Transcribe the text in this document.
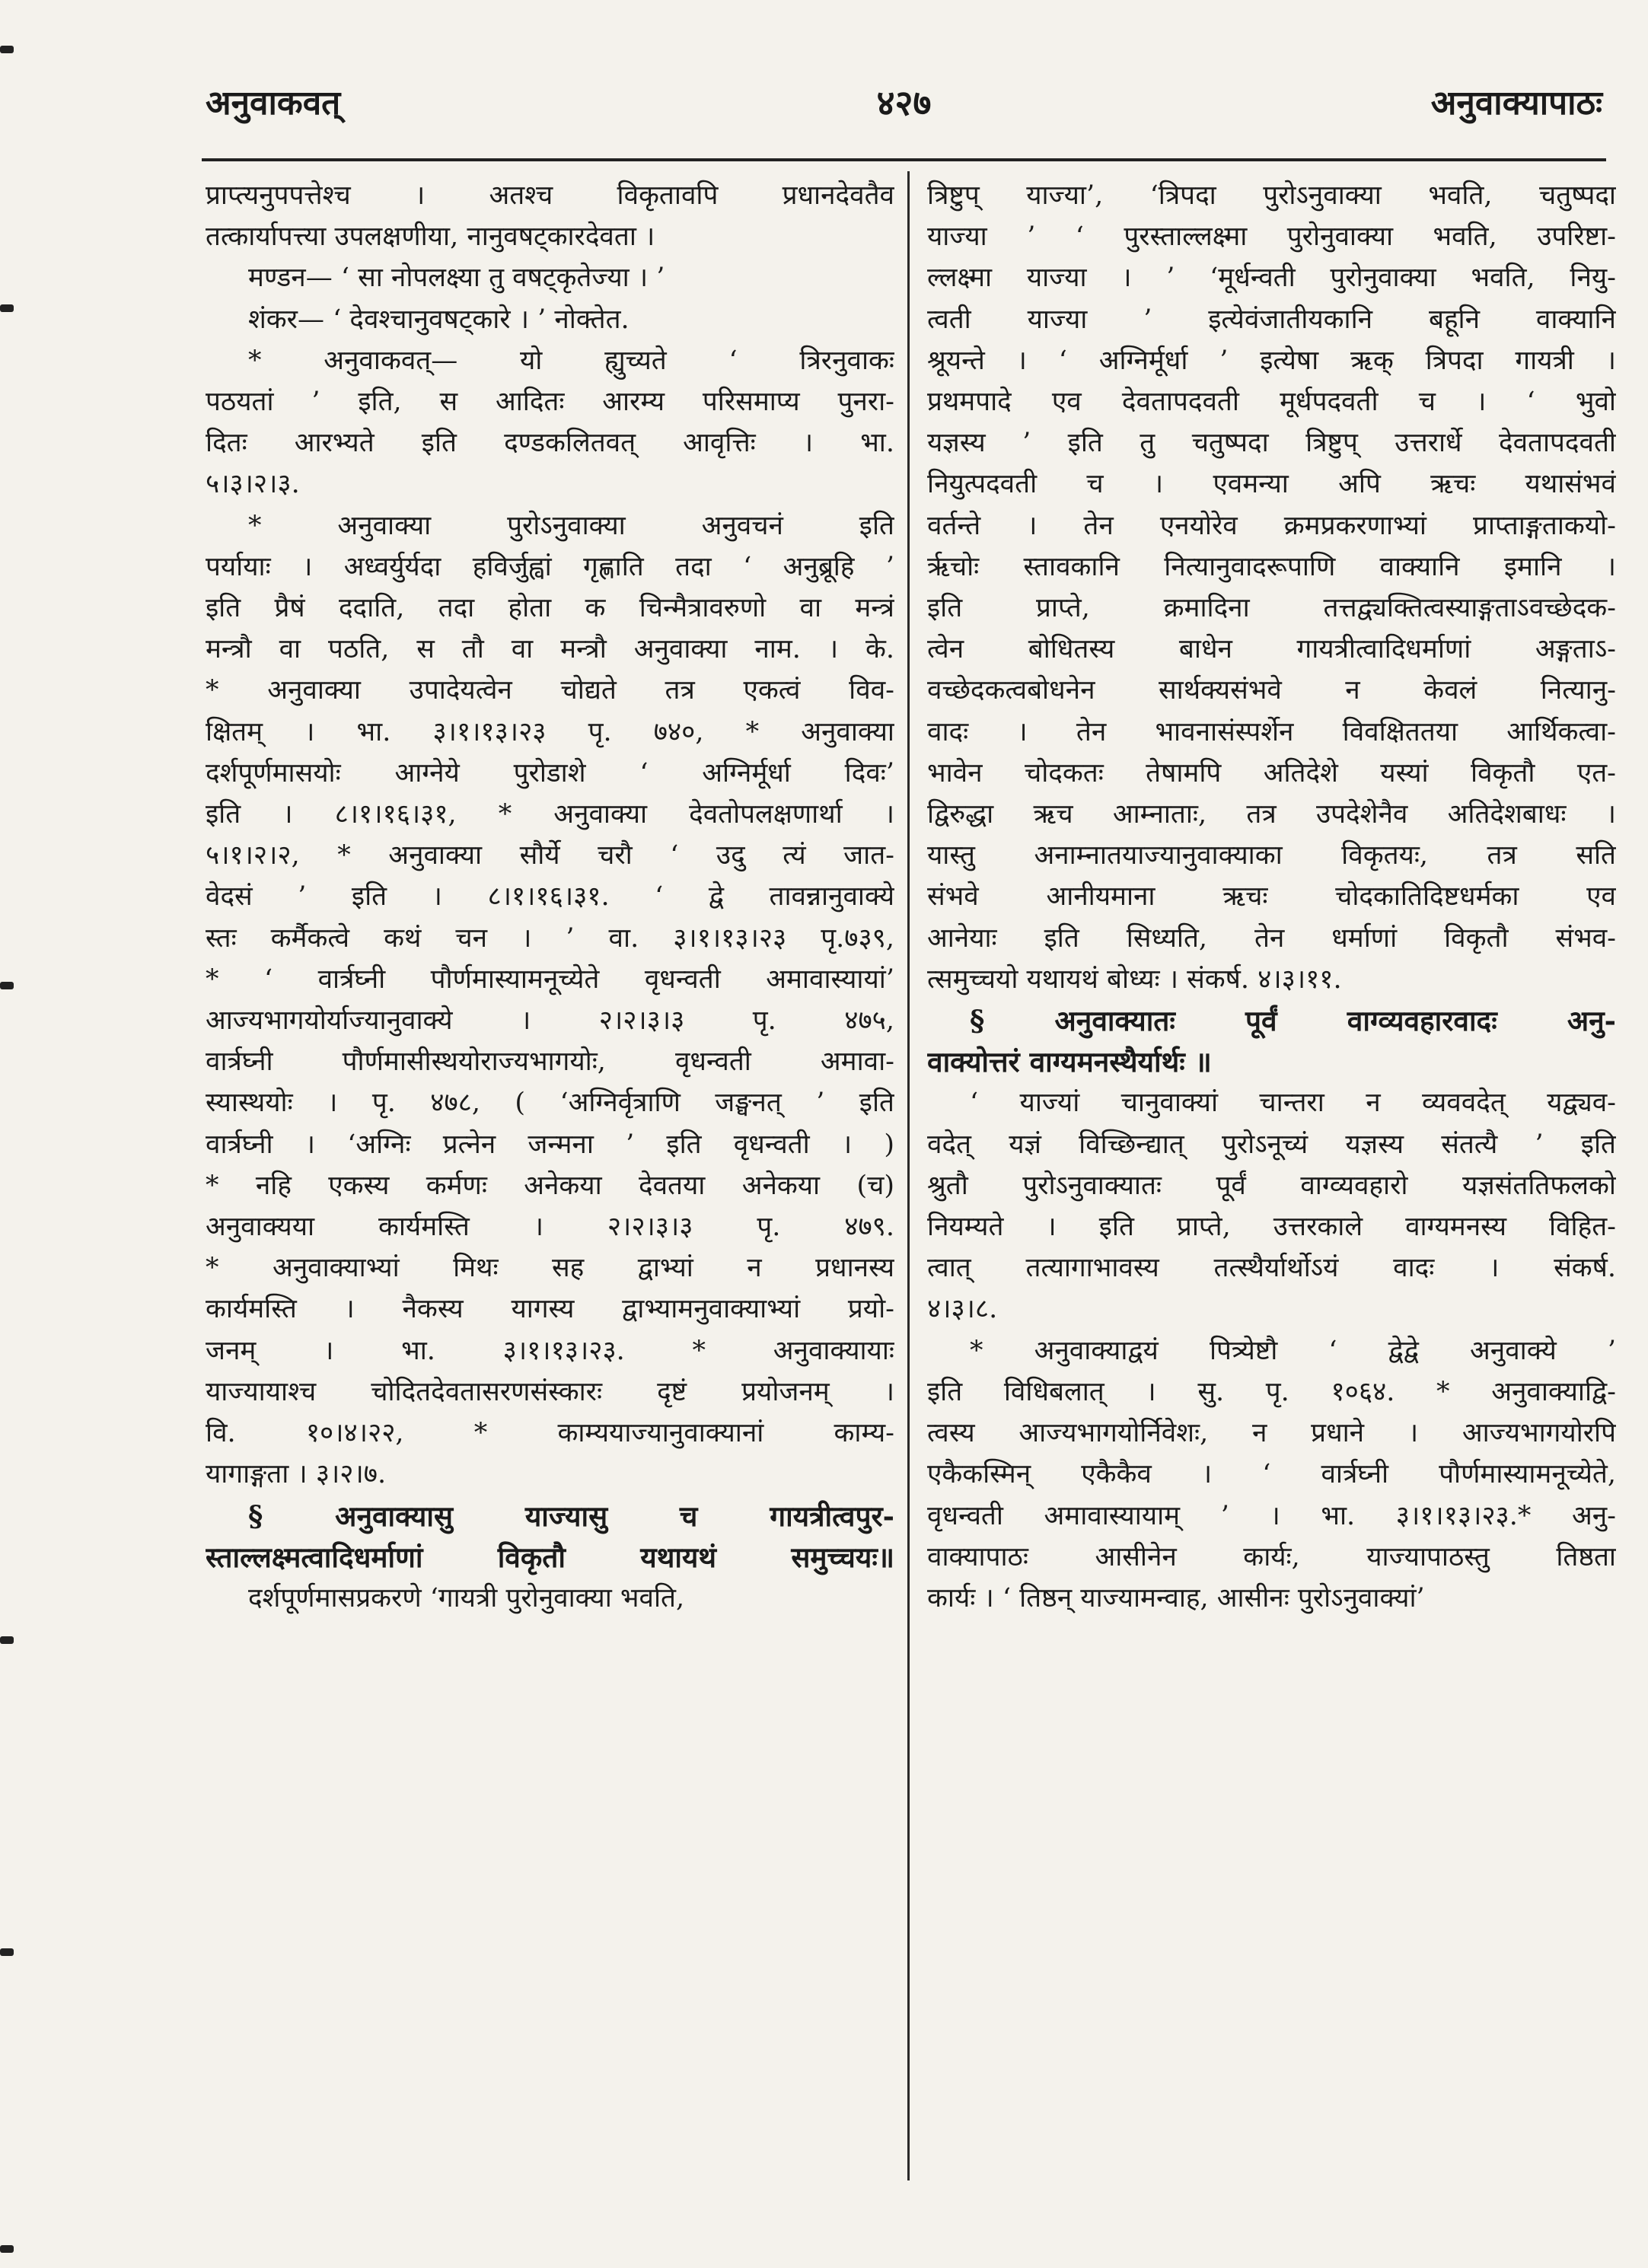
अनुवाकवत्	४२७	अनुवाक्यापाठः
प्राप्त्यनुपपत्तेश्च । अतश्च विकृतावपि प्रधानदेवतैव
तत्कार्यापत्त्या उपलक्षणीया, नानुवषट्कारदेवता ।
मण्डन— ‘ सा नोपलक्ष्या तु वषट्कृतेज्या । ’
शंकर— ‘ देवश्चानुवषट्कारे । ’ नोक्तेत.
* अनुवाकवत्— यो ह्युच्यते ‘ त्रिरनुवाकः
पठयतां ’ इति, स आदितः आरम्य परिसमाप्य पुनरा-
दितः आरभ्यते इति दण्डकलितवत् आवृत्तिः । भा.
५।३।२।३.
* अनुवाक्या पुरोऽनुवाक्या अनुवचनं इति
पर्यायाः । अध्वर्युर्यदा हविर्जुह्वां गृह्णाति तदा ‘ अनुब्रूहि ’
इति प्रैषं ददाति, तदा होता क चिन्मैत्रावरुणो वा मन्त्रं
मन्त्रौ वा पठति, स तौ वा मन्त्रौ अनुवाक्या नाम. । के.
* अनुवाक्या उपादेयत्वेन चोद्यते तत्र एकत्वं विव-
क्षितम् । भा. ३।१।१३।२३ पृ. ७४०, * अनुवाक्या
दर्शपूर्णमासयोः आग्नेये पुरोडाशे ‘ अग्निर्मूर्धा दिवः’
इति । ८।१।१६।३१, * अनुवाक्या देवतोपलक्षणार्था ।
५।१।२।२, * अनुवाक्या सौर्ये चरौ ‘ उदु त्यं जात-
वेदसं ’ इति । ८।१।१६।३१. ‘ द्वे तावन्नानुवाक्ये
स्तः कर्मैकत्वे कथं चन । ’ वा. ३।१।१३।२३ पृ.७३९,
* ‘ वार्त्रघ्नी पौर्णमास्यामनूच्येते वृधन्वती अमावास्यायां’
आज्यभागयोर्याज्यानुवाक्ये । २।२।३।३ पृ. ४७५,
वार्त्रघ्नी पौर्णमासीस्थयोराज्यभागयोः, वृधन्वती अमावा-
स्यास्थयोः । पृ. ४७८, ( ‘अग्निर्वृत्राणि जङ्घनत् ’ इति
वार्त्रघ्नी । ‘अग्निः प्रत्नेन जन्मना ’ इति वृधन्वती । )
* नहि एकस्य कर्मणः अनेकया देवतया अनेकया (च)
अनुवाक्यया कार्यमस्ति । २।२।३।३ पृ. ४७९.
* अनुवाक्याभ्यां मिथः सह द्वाभ्यां न प्रधानस्य
कार्यमस्ति । नैकस्य यागस्य द्वाभ्यामनुवाक्याभ्यां प्रयो-
जनम् । भा. ३।१।१३।२३. * अनुवाक्यायाः
याज्यायाश्च चोदितदेवतासरणसंस्कारः दृष्टं प्रयोजनम् ।
वि. १०।४।२२, * काम्ययाज्यानुवाक्यानां काम्य-
यागाङ्गता । ३।२।७.
§ अनुवाक्यासु याज्यासु च गायत्रीत्वपुर-
स्ताल्लक्ष्मत्वादिधर्माणां विकृतौ यथायथं समुच्चयः॥
दर्शपूर्णमासप्रकरणे ‘गायत्री पुरोनुवाक्या भवति,
त्रिष्टुप् याज्या’, ‘त्रिपदा पुरोऽनुवाक्या भवति, चतुष्पदा
याज्या ’ ‘ पुरस्ताल्लक्ष्मा पुरोनुवाक्या भवति, उपरिष्टा-
ल्लक्ष्मा याज्या । ’ ‘मूर्धन्वती पुरोनुवाक्या भवति, नियु-
त्वती याज्या ’ इत्येवंजातीयकानि बहूनि वाक्यानि
श्रूयन्ते । ‘ अग्निर्मूर्धा ’ इत्येषा ऋक् त्रिपदा गायत्री ।
प्रथमपादे एव देवतापदवती मूर्धपदवती च । ‘ भुवो
यज्ञस्य ’ इति तु चतुष्पदा त्रिष्टुप् उत्तरार्धे देवतापदवती
नियुत्पदवती च । एवमन्या अपि ऋचः यथासंभवं
वर्तन्ते । तेन एनयोरेव क्रमप्रकरणाभ्यां प्राप्ताङ्गताकयो-
र्ऋचोः स्तावकानि नित्यानुवादरूपाणि वाक्यानि इमानि ।
इति प्राप्ते, क्रमादिना तत्तद्व्यक्तित्वस्याङ्गताऽवच्छेदक-
त्वेन बोधितस्य बाधेन गायत्रीत्वादिधर्माणां अङ्गताऽ-
वच्छेदकत्वबोधनेन सार्थक्यसंभवे न केवलं नित्यानु-
वादः । तेन भावनासंस्पर्शेन विवक्षिततया आर्थिकत्वा-
भावेन चोदकतः तेषामपि अतिदेशे यस्यां विकृतौ एत-
द्विरुद्धा ऋच आम्नाताः, तत्र उपदेशेनैव अतिदेशबाधः ।
यास्तु अनाम्नातयाज्यानुवाक्याका विकृतयः, तत्र सति
संभवे आनीयमाना ऋचः चोदकातिदिष्टधर्मका एव
आनेयाः इति सिध्यति, तेन धर्माणां विकृतौ संभव-
त्समुच्चयो यथायथं बोध्यः । संकर्ष. ४।३।११.
§ अनुवाक्यातः पूर्वं वाग्व्यवहारवादः अनु-
वाक्योत्तरं वाग्यमनस्थैर्यार्थः ॥
‘ याज्यां चानुवाक्यां चान्तरा न व्यववदेत् यद्व्यव-
वदेत् यज्ञं विच्छिन्द्यात् पुरोऽनूच्यं यज्ञस्य संतत्यै ’ इति
श्रुतौ पुरोऽनुवाक्यातः पूर्वं वाग्व्यवहारो यज्ञसंततिफलको
नियम्यते । इति प्राप्ते, उत्तरकाले वाग्यमनस्य विहित-
त्वात् तत्यागाभावस्य तत्स्थैर्यार्थोऽयं वादः । संकर्ष.
४।३।८.
* अनुवाक्याद्वयं पित्र्येष्टौ ‘ द्वेद्वे अनुवाक्ये ’
इति विधिबलात् । सु. पृ. १०६४. * अनुवाक्याद्वि-
त्वस्य आज्यभागयोर्निवेशः, न प्रधाने । आज्यभागयोरपि
एकैकस्मिन् एकैकैव । ‘ वार्त्रघ्नी पौर्णमास्यामनूच्येते,
वृधन्वती अमावास्यायाम् ’ । भा. ३।१।१३।२३.* अनु-
वाक्यापाठः आसीनेन कार्यः, याज्यापाठस्तु तिष्ठता
कार्यः । ‘ तिष्ठन् याज्यामन्वाह, आसीनः पुरोऽनुवाक्यां’
